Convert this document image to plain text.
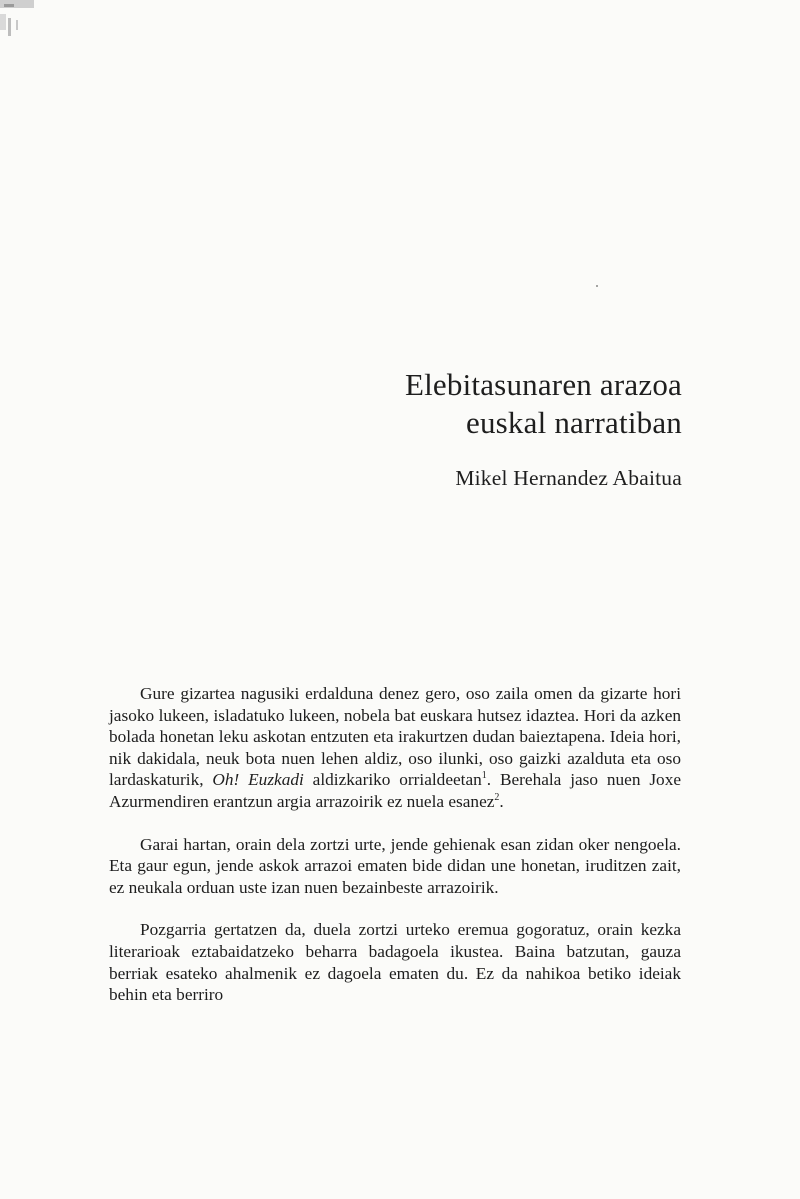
Elebitasunaren arazoa
euskal narratiban
Mikel Hernandez Abaitua

Gure gizartea nagusiki erdalduna denez gero, oso zaila omen da gizarte hori jasoko lukeen, isladatuko lukeen, nobela bat euskara hutsez idaztea. Hori da azken bolada honetan leku askotan entzuten eta irakurtzen dudan baieztapena. Ideia hori, nik dakidala, neuk bota nuen lehen aldiz, oso ilunki, oso gaizki azalduta eta oso lardaskaturik, Oh! Euzkadi aldizkariko orrialdeetan$^1$. Berehala jaso nuen Joxe Azurmendiren erantzun argia arrazoirik ez nuela esanez$^2$.

Garai hartan, orain dela zortzi urte, jende gehienak esan zidan oker nengoela. Eta gaur egun, jende askok arrazoi ematen bide didan une honetan, iruditzen zait, ez neukala orduan uste izan nuen bezainbeste arrazoirik.

Pozgarria gertatzen da, duela zortzi urteko eremua gogoratuz, orain kezka literarioak eztabaidatzeko beharra badagoela ikustea. Baina batzutan, gauza berriak esateko ahalmenik ez dagoela ematen du. Ez da nahikoa betiko ideiak behin eta berriro
